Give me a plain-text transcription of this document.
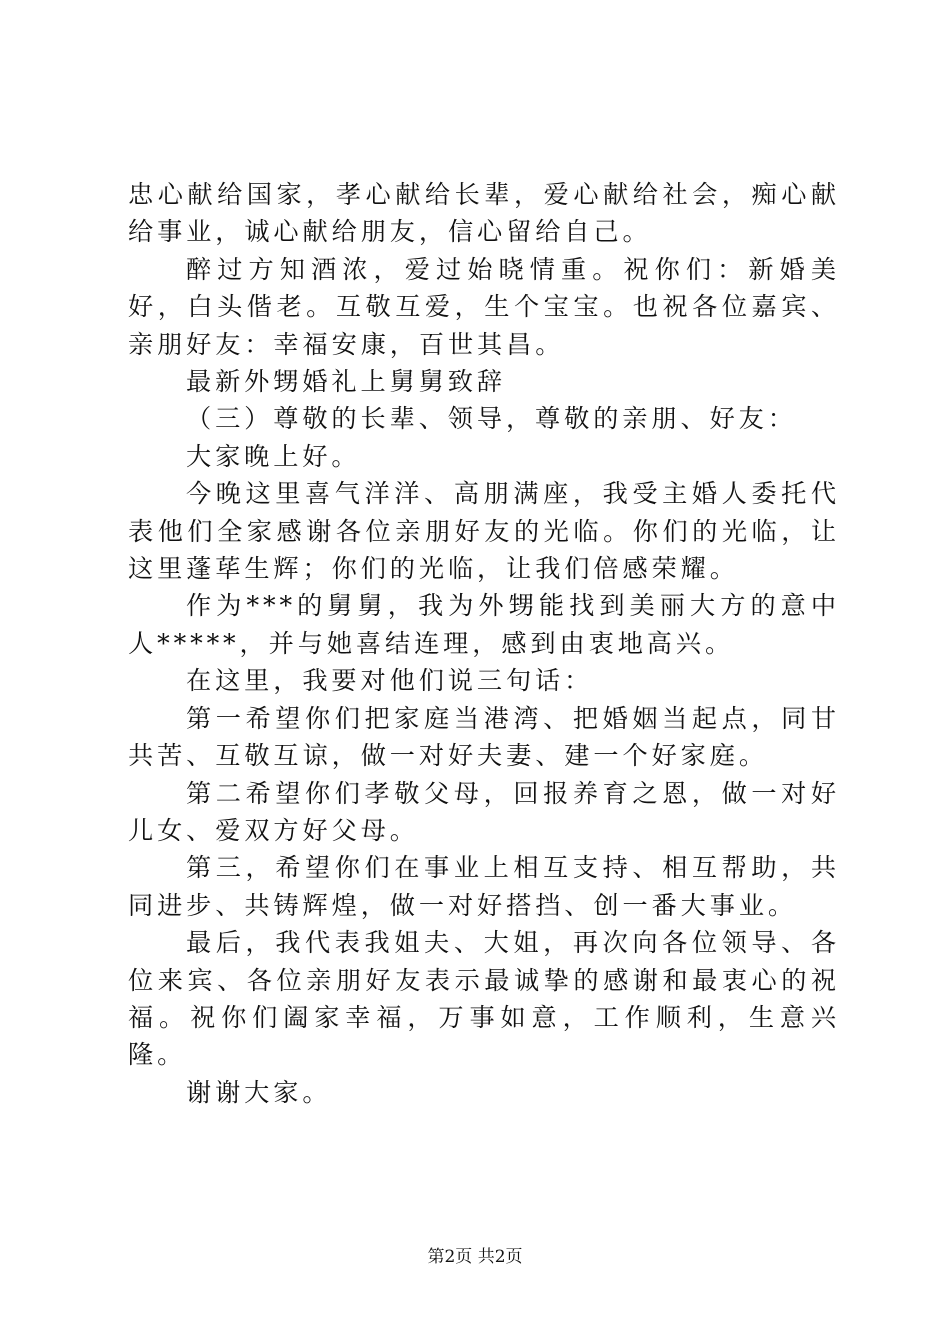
忠心献给国家，孝心献给长辈，爱心献给社会，痴心献给事业，诚心献给朋友，信心留给自己。

醉过方知酒浓，爱过始晓情重。祝你们：新婚美好，白头偕老。互敬互爱，生个宝宝。也祝各位嘉宾、亲朋好友：幸福安康，百世其昌。

最新外甥婚礼上舅舅致辞

（三）尊敬的长辈、领导，尊敬的亲朋、好友：

大家晚上好。

今晚这里喜气洋洋、高朋满座，我受主婚人委托代表他们全家感谢各位亲朋好友的光临。你们的光临，让这里蓬荜生辉；你们的光临，让我们倍感荣耀。

作为***的舅舅，我为外甥能找到美丽大方的意中人*****，并与她喜结连理，感到由衷地高兴。

在这里，我要对他们说三句话：

第一希望你们把家庭当港湾、把婚姻当起点，同甘共苦、互敬互谅，做一对好夫妻、建一个好家庭。

第二希望你们孝敬父母，回报养育之恩，做一对好儿女、爱双方好父母。

第三，希望你们在事业上相互支持、相互帮助，共同进步、共铸辉煌，做一对好搭挡、创一番大事业。

最后，我代表我姐夫、大姐，再次向各位领导、各位来宾、各位亲朋好友表示最诚挚的感谢和最衷心的祝福。祝你们阖家幸福，万事如意，工作顺利，生意兴隆。

谢谢大家。

第2页 共2页
